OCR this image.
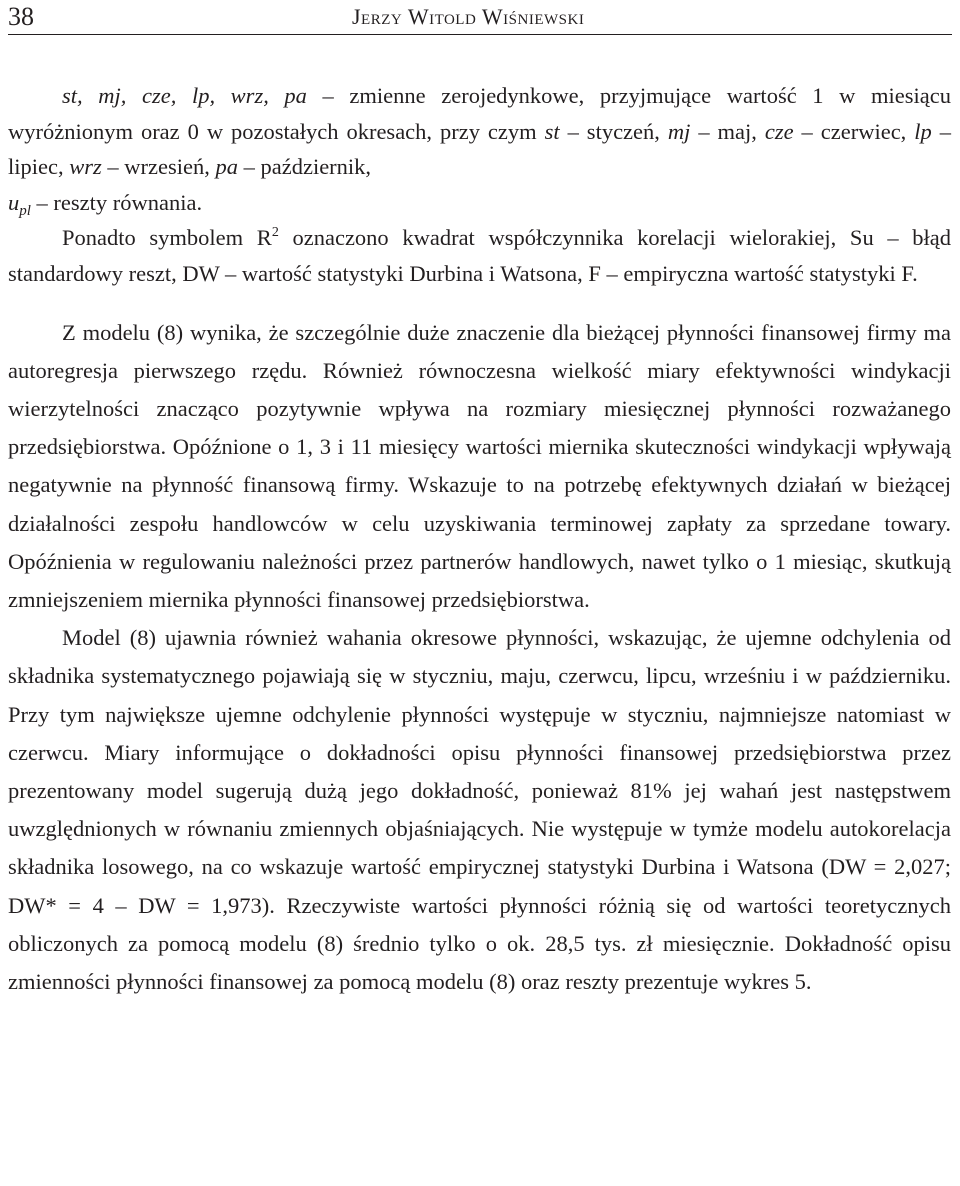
38	Jerzy Witold Wiśniewski

st, mj, cze, lp, wrz, pa – zmienne zerojedynkowe, przyjmujące wartość 1 w miesiącu wyróżnionym oraz 0 w pozostałych okresach, przy czym st – styczeń, mj – maj, cze – czerwiec, lp – lipiec, wrz – wrzesień, pa – październik,
$u_{pl}$ – reszty równania.

Ponadto symbolem $R^2$ oznaczono kwadrat współczynnika korelacji wielorakiej, Su – błąd standardowy reszt, DW – wartość statystyki Durbina i Watsona, F – empiryczna wartość statystyki F.

Z modelu (8) wynika, że szczególnie duże znaczenie dla bieżącej płynności finansowej firmy ma autoregresja pierwszego rzędu. Również równoczesna wielkość miary efektywności windykacji wierzytelności znacząco pozytywnie wpływa na rozmiary miesięcznej płynności rozważanego przedsiębiorstwa. Opóźnione o 1, 3 i 11 miesięcy wartości miernika skuteczności windykacji wpływają negatywnie na płynność finansową firmy. Wskazuje to na potrzebę efektywnych działań w bieżącej działalności zespołu handlowców w celu uzyskiwania terminowej zapłaty za sprzedane towary. Opóźnienia w regulowaniu należności przez partnerów handlowych, nawet tylko o 1 miesiąc, skutkują zmniejszeniem miernika płynności finansowej przedsiębiorstwa.

Model (8) ujawnia również wahania okresowe płynności, wskazując, że ujemne odchylenia od składnika systematycznego pojawiają się w styczniu, maju, czerwcu, lipcu, wrześniu i w październiku. Przy tym największe ujemne odchylenie płynności występuje w styczniu, najmniejsze natomiast w czerwcu. Miary informujące o dokładności opisu płynności finansowej przedsiębiorstwa przez prezentowany model sugerują dużą jego dokładność, ponieważ 81% jej wahań jest następstwem uwzględnionych w równaniu zmiennych objaśniających. Nie występuje w tymże modelu autokorelacja składnika losowego, na co wskazuje wartość empirycznej statystyki Durbina i Watsona (DW = 2,027; DW* = 4 – DW = 1,973). Rzeczywiste wartości płynności różnią się od wartości teoretycznych obliczonych za pomocą modelu (8) średnio tylko o ok. 28,5 tys. zł miesięcznie. Dokładność opisu zmienności płynności finansowej za pomocą modelu (8) oraz reszty prezentuje wykres 5.
